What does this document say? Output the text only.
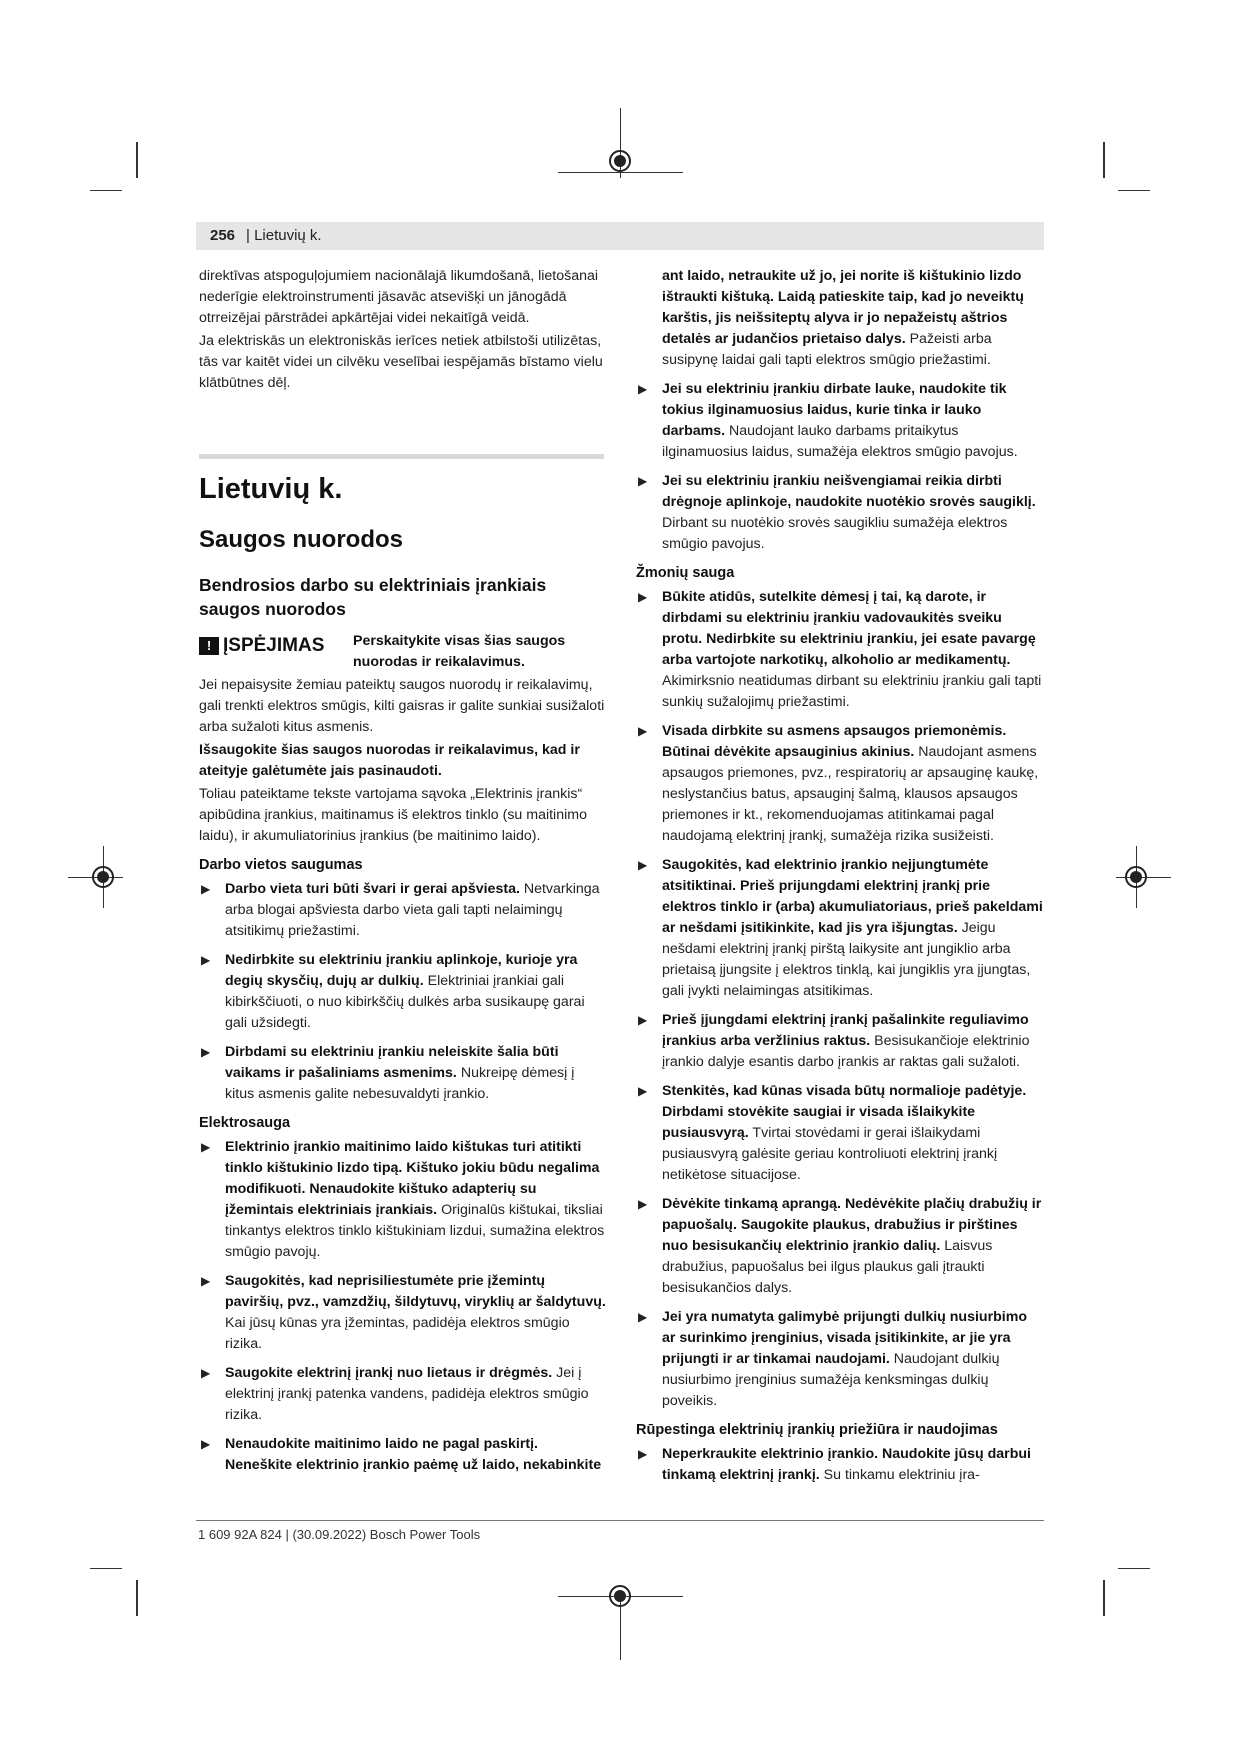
256 | Lietuvių k.

direktīvas atspoguļojumiem nacionālajā likumdošanā, lietošanai nederīgie elektroinstrumenti jāsavāc atsevišķi un jānogādā otrreizējai pārstrādei apkārtējai videi nekaitīgā veidā.

Ja elektriskās un elektroniskās ierīces netiek atbilstoši utilizētas, tās var kaitēt videi un cilvēku veselībai iespējamās bīstamo vielu klātbūtnes dēļ.

Lietuvių k.
Saugos nuorodos
Bendrosios darbo su elektriniais įrankiais saugos nuorodos
! ĮSPĖJIMAS Perskaitykite visas šias saugos nuorodas ir reikalavimus.

Jei nepaisysite žemiau pateiktų saugos nuorodų ir reikalavimų, gali trenkti elektros smūgis, kilti gaisras ir galite sunkiai susižaloti arba sužaloti kitus asmenis.

Išsaugokite šias saugos nuorodas ir reikalavimus, kad ir ateityje galėtumėte jais pasinaudoti.

Toliau pateiktame tekste vartojama sąvoka „Elektrinis įrankis“ apibūdina įrankius, maitinamus iš elektros tinklo (su maitinimo laidu), ir akumuliatorinius įrankius (be maitinimo laido).

Darbo vietos saugumas
▶ Darbo vieta turi būti švari ir gerai apšviesta. Netvarkinga arba blogai apšviesta darbo vieta gali tapti nelaimingų atsitikimų priežastimi.
▶ Nedirbkite su elektriniu įrankiu aplinkoje, kurioje yra degių skysčių, dujų ar dulkių. Elektriniai įrankiai gali kibirkščiuoti, o nuo kibirkščių dulkės arba susikaupę garai gali užsidegti.
▶ Dirbdami su elektriniu įrankiu neleiskite šalia būti vaikams ir pašaliniams asmenims. Nukreipę dėmesį į kitus asmenis galite nebesuvaldyti įrankio.
Elektrosauga
▶ Elektrinio įrankio maitinimo laido kištukas turi atitikti tinklo kištukinio lizdo tipą. Kištuko jokiu būdu negalima modifikuoti. Nenaudokite kištuko adapterių su įžemintais elektriniais įrankiais. Originalūs kištukai, tiksliai tinkantys elektros tinklo kištukiniam lizdui, sumažina elektros smūgio pavojų.
▶ Saugokitės, kad neprisiliestumėte prie įžemintų paviršių, pvz., vamzdžių, šildytuvų, viryklių ar šaldytuvų. Kai jūsų kūnas yra įžemintas, padidėja elektros smūgio rizika.
▶ Saugokite elektrinį įrankį nuo lietaus ir drėgmės. Jei į elektrinį įrankį patenka vandens, padidėja elektros smūgio rizika.
▶ Nenaudokite maitinimo laido ne pagal paskirtį. Neneškite elektrinio įrankio paėmę už laido, nekabinkite
ant laido, netraukite už jo, jei norite iš kištukinio lizdo ištraukti kištuką. Laidą patieskite taip, kad jo neveiktų karštis, jis neišsiteptų alyva ir jo nepažeistų aštrios detalės ar judančios prietaiso dalys. Pažeisti arba susipynę laidai gali tapti elektros smūgio priežastimi.
▶ Jei su elektriniu įrankiu dirbate lauke, naudokite tik tokius ilginamuosius laidus, kurie tinka ir lauko darbams. Naudojant lauko darbams pritaikytus ilginamuosius laidus, sumažėja elektros smūgio pavojus.
▶ Jei su elektriniu įrankiu neišvengiamai reikia dirbti drėgnoje aplinkoje, naudokite nuotėkio srovės saugiklį. Dirbant su nuotėkio srovės saugikliu sumažėja elektros smūgio pavojus.
Žmonių sauga
▶ Būkite atidūs, sutelkite dėmesį į tai, ką darote, ir dirbdami su elektriniu įrankiu vadovaukitės sveiku protu. Nedirbkite su elektriniu įrankiu, jei esate pavargę arba vartojote narkotikų, alkoholio ar medikamentų. Akimirksnio neatidumas dirbant su elektriniu įrankiu gali tapti sunkių sužalojimų priežastimi.
▶ Visada dirbkite su asmens apsaugos priemonėmis. Būtinai dėvėkite apsauginius akinius. Naudojant asmens apsaugos priemones, pvz., respiratorių ar apsauginę kaukę, neslystančius batus, apsauginį šalmą, klausos apsaugos priemones ir kt., rekomenduojamas atitinkamai pagal naudojamą elektrinį įrankį, sumažėja rizika susižeisti.
▶ Saugokitės, kad elektrinio įrankio neįjungtumėte atsitiktinai. Prieš prijungdami elektrinį įrankį prie elektros tinklo ir (arba) akumuliatoriaus, prieš pakeldami ar nešdami įsitikinkite, kad jis yra išjungtas. Jeigu nešdami elektrinį įrankį pirštą laikysite ant jungiklio arba prietaisą įjungsite į elektros tinklą, kai jungiklis yra įjungtas, gali įvykti nelaimingas atsitikimas.
▶ Prieš įjungdami elektrinį įrankį pašalinkite reguliavimo įrankius arba veržlinius raktus. Besisukančioje elektrinio įrankio dalyje esantis darbo įrankis ar raktas gali sužaloti.
▶ Stenkitės, kad kūnas visada būtų normalioje padėtyje. Dirbdami stovėkite saugiai ir visada išlaikykite pusiausvyrą. Tvirtai stovėdami ir gerai išlaikydami pusiausvyrą galėsite geriau kontroliuoti elektrinį įrankį netikėtose situacijose.
▶ Dėvėkite tinkamą aprangą. Nedėvėkite plačių drabužių ir papuošalų. Saugokite plaukus, drabužius ir pirštines nuo besisukančių elektrinio įrankio dalių. Laisvus drabužius, papuošalus bei ilgus plaukus gali įtraukti besisukančios dalys.
▶ Jei yra numatyta galimybė prijungti dulkių nusiurbimo ar surinkimo įrenginius, visada įsitikinkite, ar jie yra prijungti ir ar tinkamai naudojami. Naudojant dulkių nusiurbimo įrenginius sumažėja kenksmingas dulkių poveikis.
Rūpestinga elektrinių įrankių priežiūra ir naudojimas
▶ Neperkraukite elektrinio įrankio. Naudokite jūsų darbui tinkamą elektrinį įrankį. Su tinkamu elektriniu įra-
1 609 92A 824 | (30.09.2022) Bosch Power Tools
